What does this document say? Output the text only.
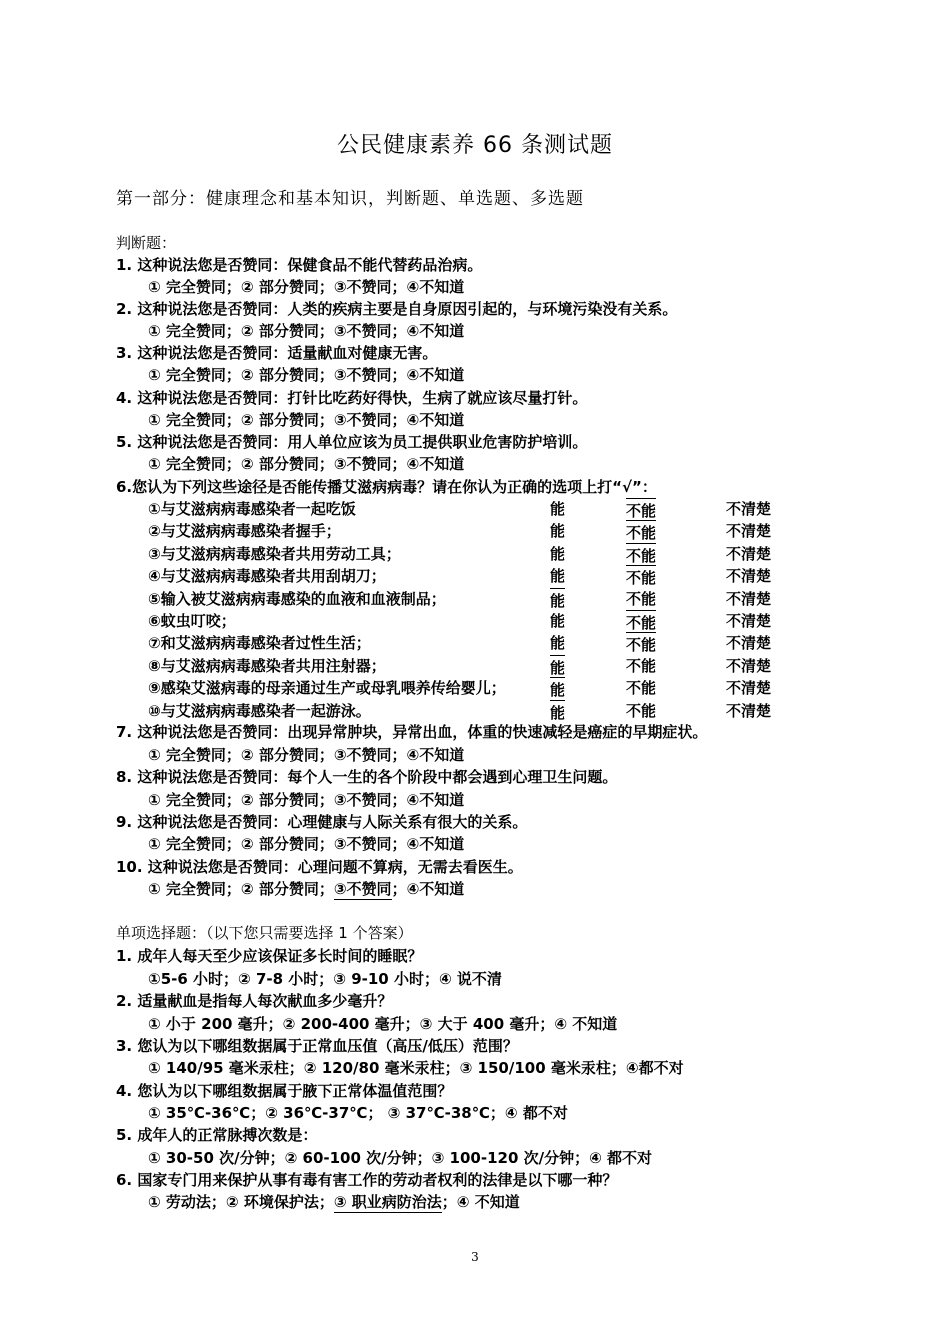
公民健康素养 66 条测试题
第一部分：健康理念和基本知识，判断题、单选题、多选题
判断题：
1. 这种说法您是否赞同：保健食品不能代替药品治病。
① 完全赞同；② 部分赞同；③不赞同；④不知道
2. 这种说法您是否赞同：人类的疾病主要是自身原因引起的，与环境污染没有关系。
① 完全赞同；② 部分赞同；③不赞同；④不知道
3. 这种说法您是否赞同：适量献血对健康无害。
① 完全赞同；② 部分赞同；③不赞同；④不知道
4. 这种说法您是否赞同：打针比吃药好得快，生病了就应该尽量打针。
① 完全赞同；② 部分赞同；③不赞同；④不知道
5. 这种说法您是否赞同：用人单位应该为员工提供职业危害防护培训。
① 完全赞同；② 部分赞同；③不赞同；④不知道
6.您认为下列这些途径是否能传播艾滋病病毒？请在你认为正确的选项上打“√”：
①与艾滋病病毒感染者一起吃饭	能	不能	不清楚
②与艾滋病病毒感染者握手；	能	不能	不清楚
③与艾滋病病毒感染者共用劳动工具；	能	不能	不清楚
④与艾滋病病毒感染者共用刮胡刀；	能	不能	不清楚
⑤输入被艾滋病病毒感染的血液和血液制品；	能	不能	不清楚
⑥蚊虫叮咬；	能	不能	不清楚
⑦和艾滋病病毒感染者过性生活；	能	不能	不清楚
⑧与艾滋病病毒感染者共用注射器；	能	不能	不清楚
⑨感染艾滋病毒的母亲通过生产或母乳喂养传给婴儿；	能	不能	不清楚
⑩与艾滋病病毒感染者一起游泳。	能	不能	不清楚
7. 这种说法您是否赞同：出现异常肿块，异常出血，体重的快速减轻是癌症的早期症状。
① 完全赞同；② 部分赞同；③不赞同；④不知道
8. 这种说法您是否赞同：每个人一生的各个阶段中都会遇到心理卫生问题。
① 完全赞同；② 部分赞同；③不赞同；④不知道
9. 这种说法您是否赞同：心理健康与人际关系有很大的关系。
① 完全赞同；② 部分赞同；③不赞同；④不知道
10. 这种说法您是否赞同：心理问题不算病，无需去看医生。
① 完全赞同；② 部分赞同；③不赞同；④不知道
单项选择题：（以下您只需要选择 1 个答案）
1. 成年人每天至少应该保证多长时间的睡眠？
①5-6 小时；② 7-8 小时；③ 9-10 小时；④ 说不清
2. 适量献血是指每人每次献血多少毫升？
① 小于 200 毫升；② 200-400 毫升；③ 大于 400 毫升；④ 不知道
3. 您认为以下哪组数据属于正常血压值（高压/低压）范围？
① 140/95 毫米汞柱；② 120/80 毫米汞柱；③ 150/100 毫米汞柱；④都不对
4. 您认为以下哪组数据属于腋下正常体温值范围？
① 35℃-36℃；② 36℃-37℃； ③ 37℃-38℃；④ 都不对
5. 成年人的正常脉搏次数是：
① 30-50 次/分钟；② 60-100 次/分钟；③ 100-120 次/分钟；④ 都不对
6. 国家专门用来保护从事有毒有害工作的劳动者权利的法律是以下哪一种？
① 劳动法；② 环境保护法；③ 职业病防治法；④ 不知道
3
